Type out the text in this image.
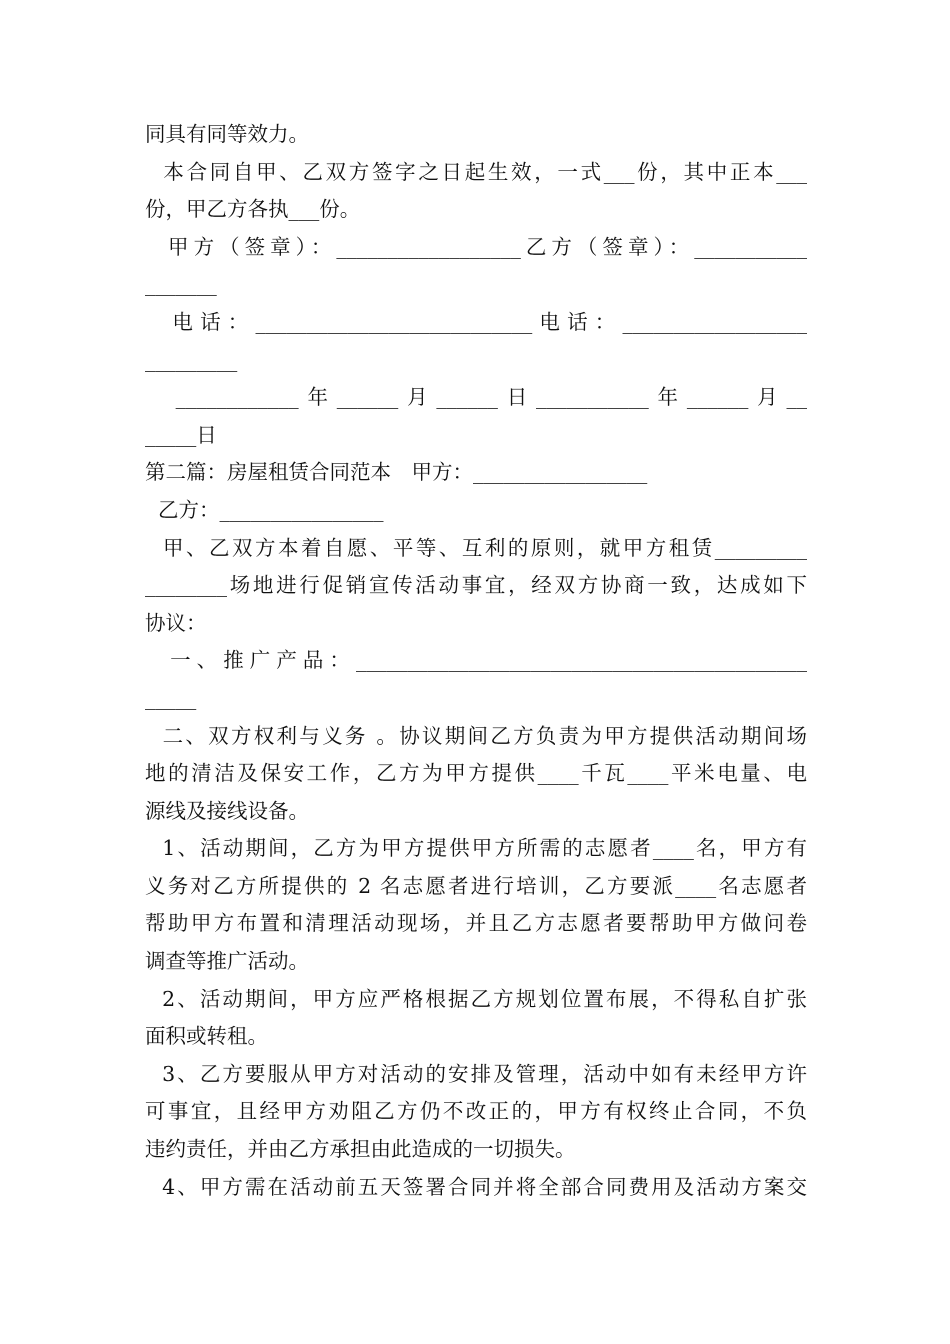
同具有同等效力。
本合同自甲、乙双方签字之日起生效，一式___份，其中正本___
份，甲乙方各执___份。
甲方（签章）：__________________乙方（签章）：___________
_______
电话：___________________________电话：__________________
_________
____________年______月______日___________年______月__
_____日
第二篇：房屋租赁合同范本　甲方：_________________
乙方：________________
甲、乙双方本着自愿、平等、互利的原则，就甲方租赁_________
________场地进行促销宣传活动事宜，经双方协商一致，达成如下
协议：
一、推广产品：____________________________________________
_____
二、双方权利与义务 。协议期间乙方负责为甲方提供活动期间场
地的清洁及保安工作，乙方为甲方提供____千瓦____平米电量、电
源线及接线设备。
1、活动期间，乙方为甲方提供甲方所需的志愿者____名，甲方有
义务对乙方所提供的 2 名志愿者进行培训，乙方要派____名志愿者
帮助甲方布置和清理活动现场，并且乙方志愿者要帮助甲方做问卷
调查等推广活动。
2、活动期间，甲方应严格根据乙方规划位置布展，不得私自扩张
面积或转租。
3、乙方要服从甲方对活动的安排及管理，活动中如有未经甲方许
可事宜，且经甲方劝阻乙方仍不改正的，甲方有权终止合同，不负
违约责任，并由乙方承担由此造成的一切损失。
4、甲方需在活动前五天签署合同并将全部合同费用及活动方案交
